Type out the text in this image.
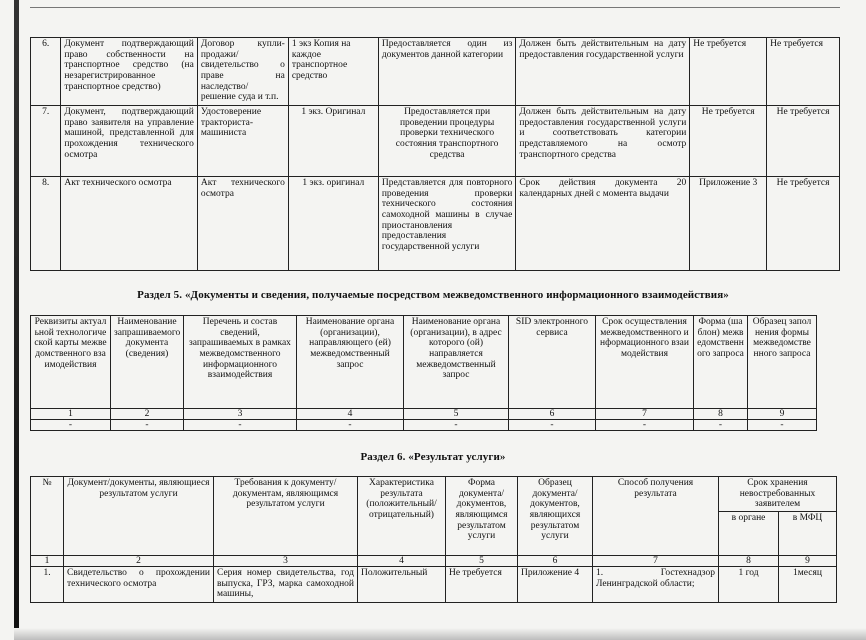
6.	Документ подтверждающий право собственности на транспортное средство (на незарегистрированное транспортное средство)	Договор купли-продажи/ свидетельство о праве на наследство/ решение суда и т.п.	1 экз Копия на каждое транспортное средство	Предоставляется один из документов данной категории	Должен быть действительным на дату предоставления государственной услуги	Не требуется	Не требуется
7.	Документ, подтверждающий право заявителя на управление машиной, представленной для прохождения технического осмотра	Удостоверение тракториста-машиниста	1 экз. Оригинал	Предоставляется при проведении процедуры проверки технического состояния транспортного средства	Должен быть действительным на дату предоставления государственной услуги и соответствовать категории представляемого на осмотр транспортного средства	Не требуется	Не требуется
8.	Акт технического осмотра	Акт технического осмотра	1 экз. оригинал	Представляется для повторного проведения проверки технического состояния самоходной машины в случае приостановления предоставления государственной услуги	Срок действия документа 20 календарных дней с момента выдачи	Приложение 3	Не требуется
Раздел 5. «Документы и сведения, получаемые посредством межведомственного информационного взаимодействия»
Реквизиты актуальной технологической карты межведомственного взаимодействия	Наименование запрашиваемого документа (сведения)	Перечень и состав сведений, запрашиваемых в рамках межведомственного информационного взаимодействия	Наименование органа (организации), направляющего (ей) межведомственный запрос	Наименование органа (организации), в адрес которого (ой) направляется межведомственный запрос	SID электронного сервиса	Срок осуществления межведомственного информационного взаимодействия	Форма (шаблон) межведомственного запроса	Образец заполнения формы межведомственного запроса
1	2	3	4	5	6	7	8	9
-	-	-	-	-	-	-	-	-
Раздел 6. «Результат услуги»
№	Документ/документы, являющиеся результатом услуги	Требования к документу/документам, являющимся результатом услуги	Характеристика результата (положительный/отрицательный)	Форма документа/документов, являющимся результатом услуги	Образец документа/документов, являющихся результатом услуги	Способ получения результата	Срок хранения невостребованных заявителем	
							в органе	в МФЦ
1	2	3	4	5	6	7	8	9
1.	Свидетельство о прохождении технического осмотра	Серия номер свидетельства, год выпуска, ГРЗ, марка самоходной машины,	Положительный	Не требуется	Приложение 4	1. Гостехнадзор Ленинградской области;	1 год	1месяц
